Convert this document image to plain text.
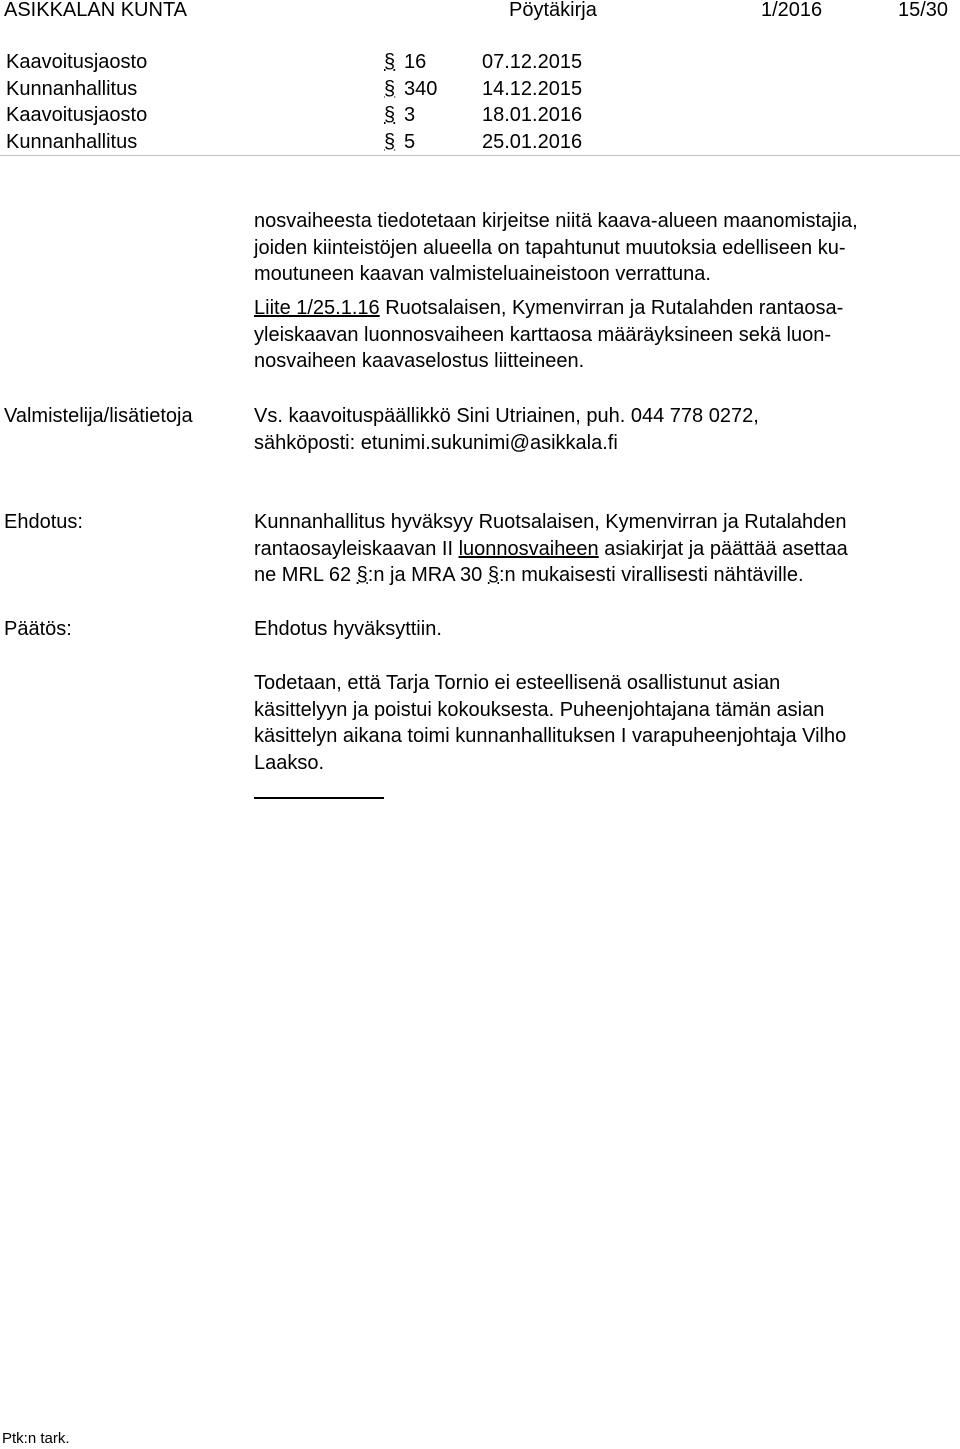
ASIKKALAN KUNTA	Pöytäkirja	1/2016	15/30
Kaavoitusjaosto	§ 16	07.12.2015
Kunnanhallitus	§ 340 14.12.2015
Kaavoitusjaosto	§ 3	18.01.2016
Kunnanhallitus	§ 5	25.01.2016

nosvaiheesta tiedotetaan kirjeitse niitä kaava-alueen maanomistajia,
joiden kiinteistöjen alueella on tapahtunut muutoksia edelliseen ku-
moutuneen kaavan valmisteluaineistoon verrattuna.

Liite 1/25.1.16 Ruotsalaisen, Kymenvirran ja Rutalahden rantaosa-
yleiskaavan luonnosvaiheen karttaosa määräyksineen sekä luon-
nosvaiheen kaavaselostus liitteineen.

Valmistelija/lisätietoja	Vs. kaavoituspäällikkö Sini Utriainen, puh. 044 778 0272,
sähköposti: etunimi.sukunimi@asikkala.fi

Ehdotus:	Kunnanhallitus hyväksyy Ruotsalaisen, Kymenvirran ja Rutalahden
rantaosayleiskaavan II luonnosvaiheen asiakirjat ja päättää asettaa
ne MRL 62 §:n ja MRA 30 §:n mukaisesti virallisesti nähtäville.

Päätös:	Ehdotus hyväksyttiin.

Todetaan, että Tarja Tornio ei esteellisenä osallistunut asian
käsittelyyn ja poistui kokouksesta. Puheenjohtajana tämän asian
käsittelyn aikana toimi kunnanhallituksen I varapuheenjohtaja Vilho
Laakso.

Ptk:n tark.
